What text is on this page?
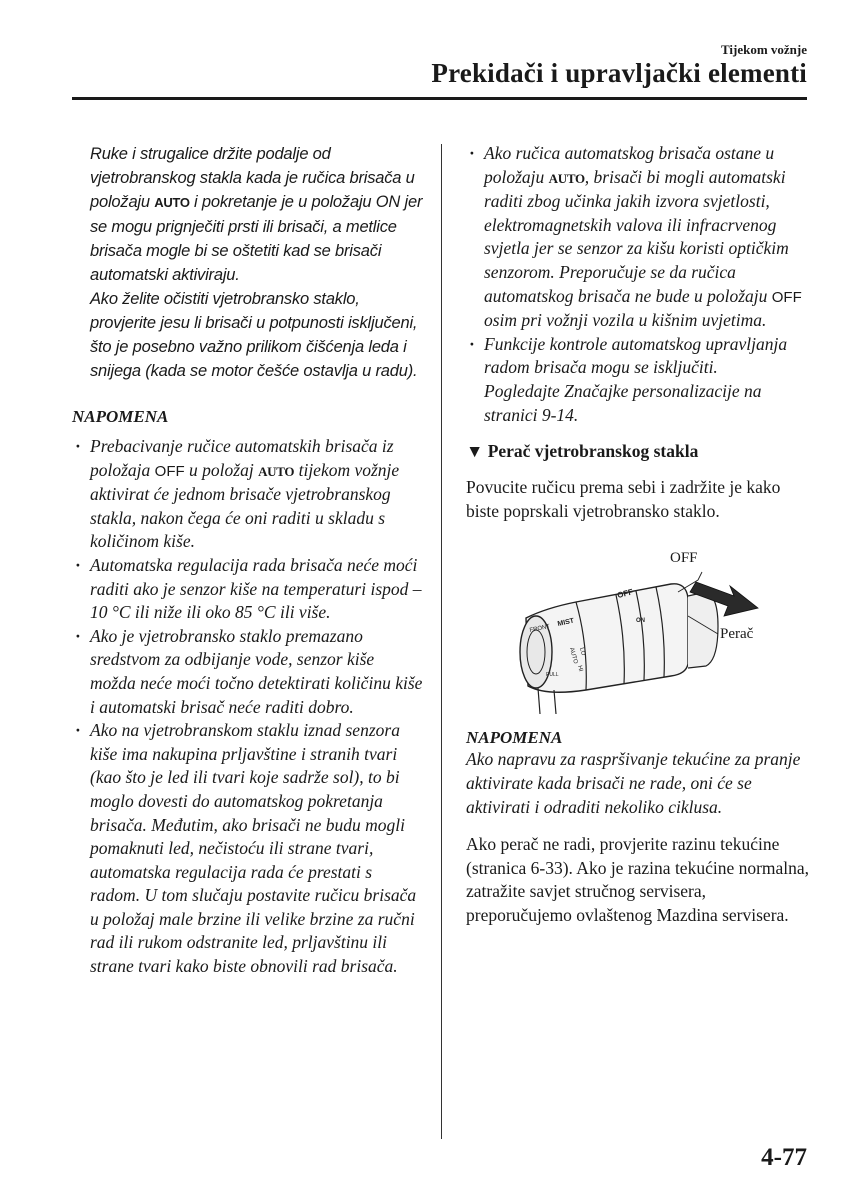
Tijekom vožnje
Prekidači i upravljački elementi

Ruke i strugalice držite podalje od vjetrobranskog stakla kada je ručica brisača u položaju AUTO i pokretanje je u položaju ON jer se mogu prignječiti prsti ili brisači, a metlice brisača mogle bi se oštetiti kad se brisači automatski aktiviraju.

Ako želite očistiti vjetrobransko staklo, provjerite jesu li brisači u potpunosti isključeni, što je posebno važno prilikom čišćenja leda i snijega (kada se motor češće ostavlja u radu).

NAPOMENA

· Prebacivanje ručice automatskih brisača iz položaja OFF u položaj AUTO tijekom vožnje aktivirat će jednom brisače vjetrobranskog stakla, nakon čega će oni raditi u skladu s količinom kiše.
· Automatska regulacija rada brisača neće moći raditi ako je senzor kiše na temperaturi ispod – 10 °C ili niže ili oko 85 °C ili više.
· Ako je vjetrobransko staklo premazano sredstvom za odbijanje vode, senzor kiše možda neće moći točno detektirati količinu kiše i automatski brisač neće raditi dobro.
· Ako na vjetrobranskom staklu iznad senzora kiše ima nakupina prljavštine i stranih tvari (kao što je led ili tvari koje sadrže sol), to bi moglo dovesti do automatskog pokretanja brisača. Međutim, ako brisači ne budu mogli pomaknuti led, nečistoću ili strane tvari, automatska regulacija rada će prestati s radom. U tom slučaju postavite ručicu brisača u položaj male brzine ili velike brzine za ručni rad ili rukom odstranite led, prljavštinu ili strane tvari kako biste obnovili rad brisača.
· Ako ručica automatskog brisača ostane u položaju AUTO, brisači bi mogli automatski raditi zbog učinka jakih izvora svjetlosti, elektromagnetskih valova ili infracrvenog svjetla jer se senzor za kišu koristi optičkim senzorom. Preporučuje se da ručica automatskog brisača ne bude u položaju OFF osim pri vožnji vozila u kišnim uvjetima.
· Funkcije kontrole automatskog upravljanja radom brisača mogu se isključiti.
Pogledajte Značajke personalizacije na stranici 9-14.

▼ Perač vjetrobranskog stakla

Povucite ručicu prema sebi i zadržite je kako biste poprskali vjetrobransko staklo.

FRONT
MIST
OFF
AUTO LO
HI
PULL
ON
OFF
Perač

NAPOMENA

Ako napravu za raspršivanje tekućine za pranje aktivirate kada brisači ne rade, oni će se aktivirati i odraditi nekoliko ciklusa.

Ako perač ne radi, provjerite razinu tekućine (stranica 6-33). Ako je razina tekućine normalna, zatražite savjet stručnog servisera, preporučujemo ovlaštenog Mazdina servisera.

4-77
